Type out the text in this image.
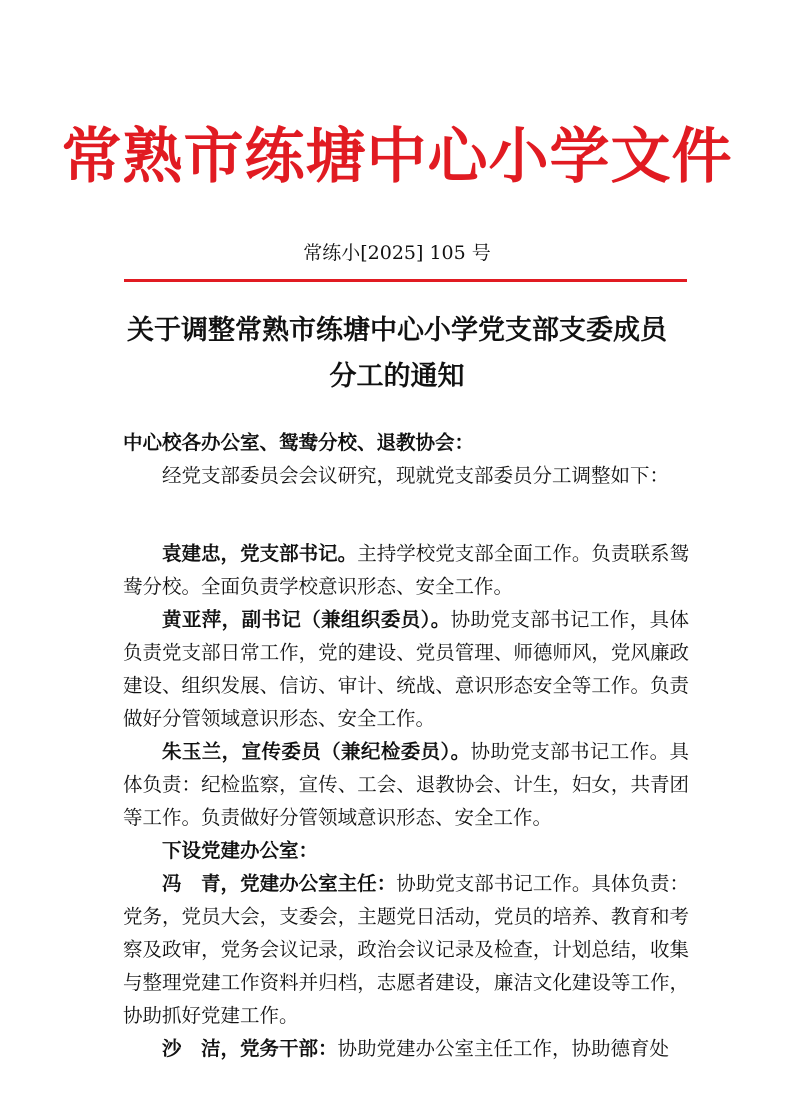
常熟市练塘中心小学文件
常练小[2025] 105 号
关于调整常熟市练塘中心小学党支部支委成员
分工的通知

中心校各办公室、鸳鸯分校、退教协会：

经党支部委员会会议研究，现就党支部委员分工调整如下：

袁建忠，党支部书记。主持学校党支部全面工作。负责联系鸳鸯分校。全面负责学校意识形态、安全工作。

黄亚萍，副书记（兼组织委员）。协助党支部书记工作，具体负责党支部日常工作，党的建设、党员管理、师德师风，党风廉政建设、组织发展、信访、审计、统战、意识形态安全等工作。负责做好分管领域意识形态、安全工作。

朱玉兰，宣传委员（兼纪检委员）。协助党支部书记工作。具体负责：纪检监察，宣传、工会、退教协会、计生，妇女，共青团等工作。负责做好分管领域意识形态、安全工作。

下设党建办公室：

冯　青，党建办公室主任：协助党支部书记工作。具体负责：党务，党员大会，支委会，主题党日活动，党员的培养、教育和考察及政审，党务会议记录，政治会议记录及检查，计划总结，收集与整理党建工作资料并归档，志愿者建设，廉洁文化建设等工作，协助抓好党建工作。

沙　洁，党务干部：协助党建办公室主任工作，协助德育处
